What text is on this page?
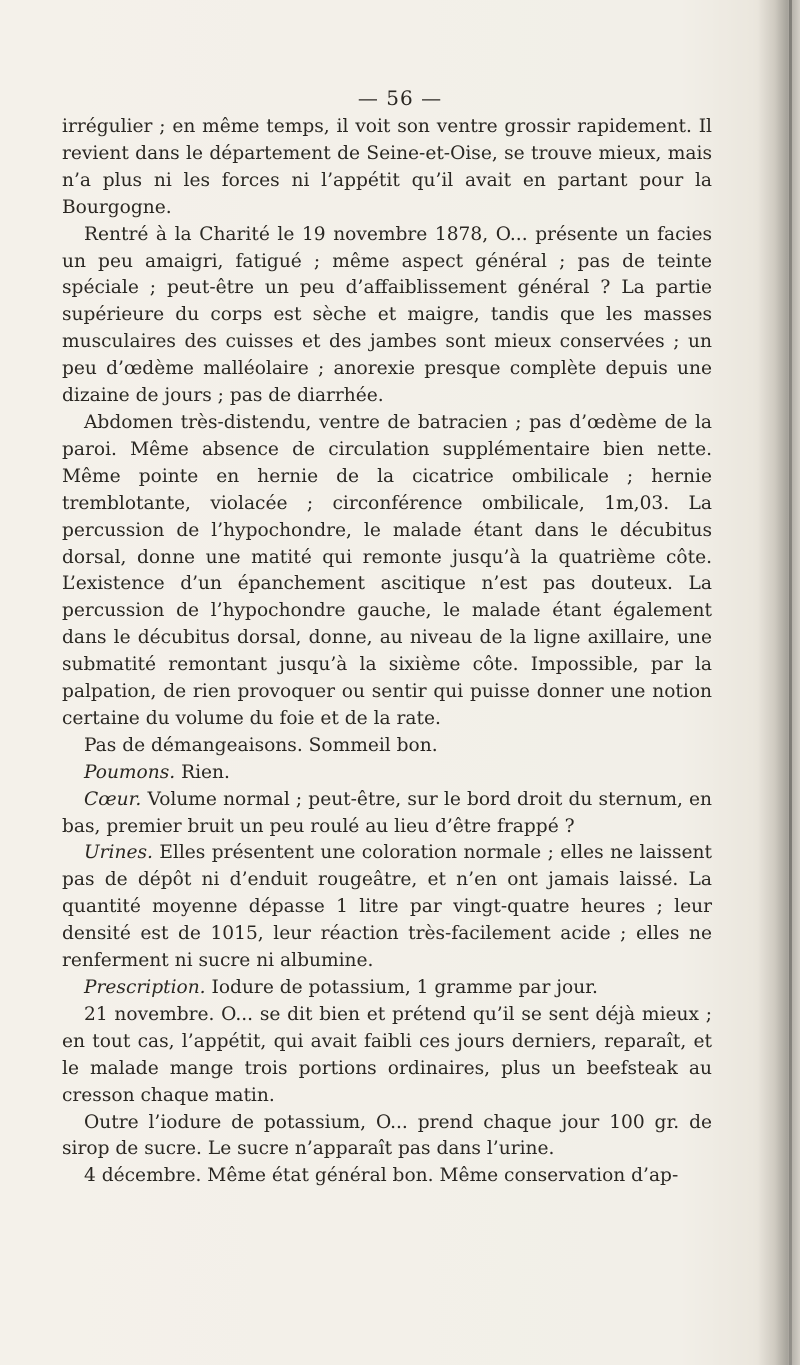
— 56 —

irrégulier ; en même temps, il voit son ventre grossir rapidement. Il revient dans le département de Seine-et-Oise, se trouve mieux, mais n’a plus ni les forces ni l’appétit qu’il avait en partant pour la Bourgogne.

Rentré à la Charité le 19 novembre 1878, O... présente un facies un peu amaigri, fatigué ; même aspect général ; pas de teinte spéciale ; peut-être un peu d’affaiblissement général ? La partie supérieure du corps est sèche et maigre, tandis que les masses musculaires des cuisses et des jambes sont mieux conservées ; un peu d’œdème malléolaire ; anorexie presque complète depuis une dizaine de jours ; pas de diarrhée.

Abdomen très-distendu, ventre de batracien ; pas d’œdème de la paroi. Même absence de circulation supplémentaire bien nette. Même pointe en hernie de la cicatrice ombilicale ; hernie tremblotante, violacée ; circonférence ombilicale, 1m,03. La percussion de l’hypochondre, le malade étant dans le décubitus dorsal, donne une matité qui remonte jusqu’à la quatrième côte. L’existence d’un épanchement ascitique n’est pas douteux. La percussion de l’hypochondre gauche, le malade étant également dans le décubitus dorsal, donne, au niveau de la ligne axillaire, une submatité remontant jusqu’à la sixième côte. Impossible, par la palpation, de rien provoquer ou sentir qui puisse donner une notion certaine du volume du foie et de la rate.

Pas de démangeaisons. Sommeil bon.

Poumons. Rien.

Cœur. Volume normal ; peut-être, sur le bord droit du sternum, en bas, premier bruit un peu roulé au lieu d’être frappé ?

Urines. Elles présentent une coloration normale ; elles ne laissent pas de dépôt ni d’enduit rougeâtre, et n’en ont jamais laissé. La quantité moyenne dépasse 1 litre par vingt-quatre heures ; leur densité est de 1015, leur réaction très-facilement acide ; elles ne renferment ni sucre ni albumine.

Prescription. Iodure de potassium, 1 gramme par jour.

21 novembre. O... se dit bien et prétend qu’il se sent déjà mieux ; en tout cas, l’appétit, qui avait faibli ces jours derniers, reparaît, et le malade mange trois portions ordinaires, plus un beefsteak au cresson chaque matin.

Outre l’iodure de potassium, O... prend chaque jour 100 gr. de sirop de sucre. Le sucre n’apparaît pas dans l’urine.

4 décembre. Même état général bon. Même conservation d’ap-
